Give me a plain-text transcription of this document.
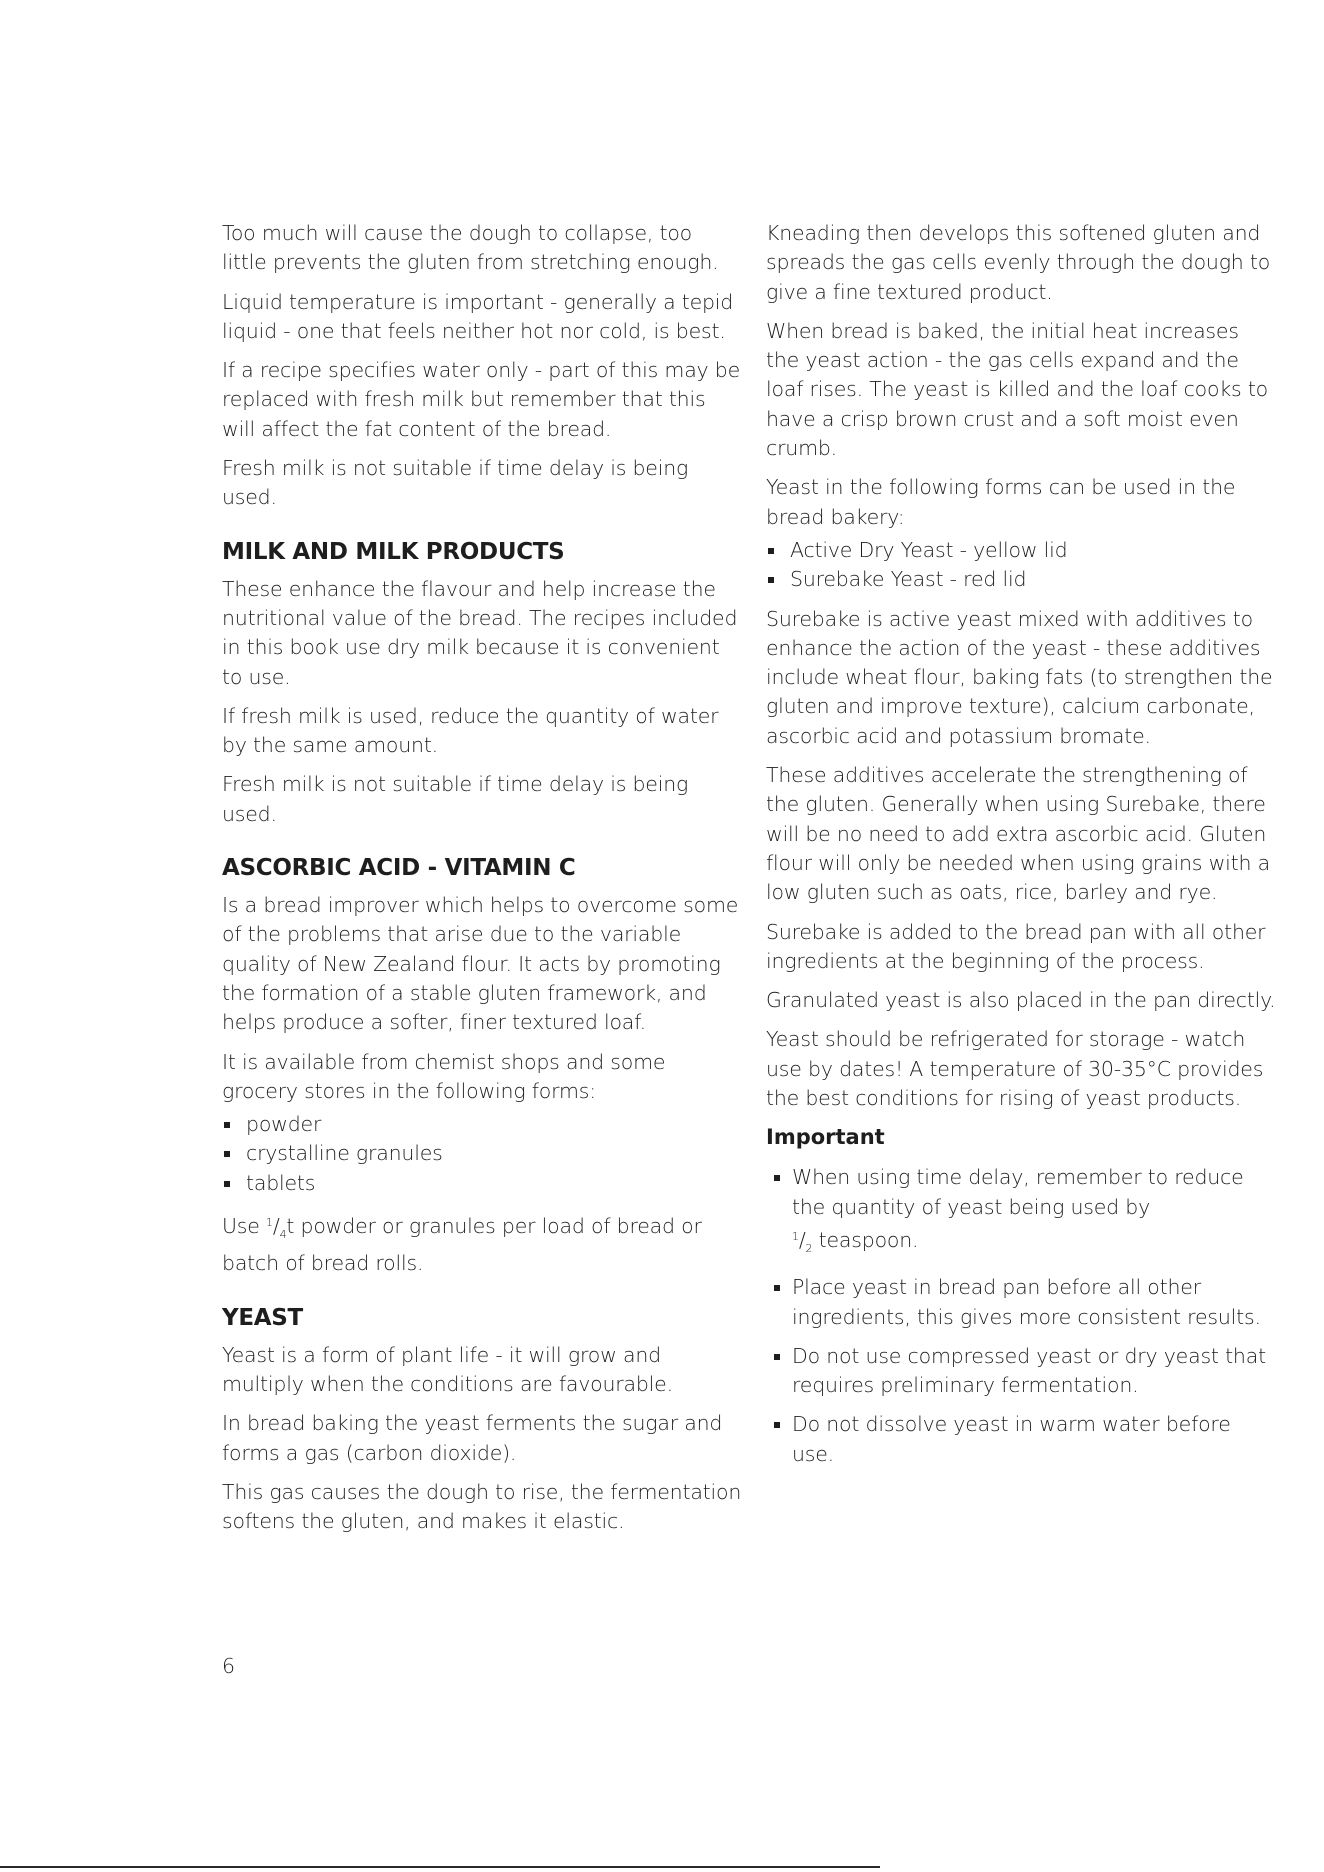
Too much will cause the dough to collapse, too little prevents the gluten from stretching enough.

Liquid temperature is important - generally a tepid liquid - one that feels neither hot nor cold, is best.

If a recipe specifies water only - part of this may be replaced with fresh milk but remember that this will affect the fat content of the bread.

Fresh milk is not suitable if time delay is being used.

MILK AND MILK PRODUCTS

These enhance the flavour and help increase the nutritional value of the bread. The recipes included in this book use dry milk because it is convenient to use.

If fresh milk is used, reduce the quantity of water by the same amount.

Fresh milk is not suitable if time delay is being used.

ASCORBIC ACID - VITAMIN C

Is a bread improver which helps to overcome some of the problems that arise due to the variable quality of New Zealand flour. It acts by promoting the formation of a stable gluten framework, and helps produce a softer, finer textured loaf.

It is available from chemist shops and some grocery stores in the following forms:

powder
crystalline granules
tablets

Use $^1/_4t$ powder or granules per load of bread or batch of bread rolls.

YEAST

Yeast is a form of plant life - it will grow and multiply when the conditions are favourable.

In bread baking the yeast ferments the sugar and forms a gas (carbon dioxide).

This gas causes the dough to rise, the fermentation softens the gluten, and makes it elastic.

Kneading then develops this softened gluten and spreads the gas cells evenly through the dough to give a fine textured product.

When bread is baked, the initial heat increases the yeast action - the gas cells expand and the loaf rises. The yeast is killed and the loaf cooks to have a crisp brown crust and a soft moist even crumb.

Yeast in the following forms can be used in the bread bakery:

Active Dry Yeast - yellow lid
Surebake Yeast - red lid

Surebake is active yeast mixed with additives to enhance the action of the yeast - these additives include wheat flour, baking fats (to strengthen the gluten and improve texture), calcium carbonate, ascorbic acid and potassium bromate.

These additives accelerate the strengthening of the gluten. Generally when using Surebake, there will be no need to add extra ascorbic acid. Gluten flour will only be needed when using grains with a low gluten such as oats, rice, barley and rye.

Surebake is added to the bread pan with all other ingredients at the beginning of the process.

Granulated yeast is also placed in the pan directly.

Yeast should be refrigerated for storage - watch use by dates! A temperature of 30-35°C provides the best conditions for rising of yeast products.

Important
When using time delay, remember to reduce the quantity of yeast being used by
$^1/_2$ teaspoon.
Place yeast in bread pan before all other ingredients, this gives more consistent results.
Do not use compressed yeast or dry yeast that requires preliminary fermentation.
Do not dissolve yeast in warm water before use.
6
